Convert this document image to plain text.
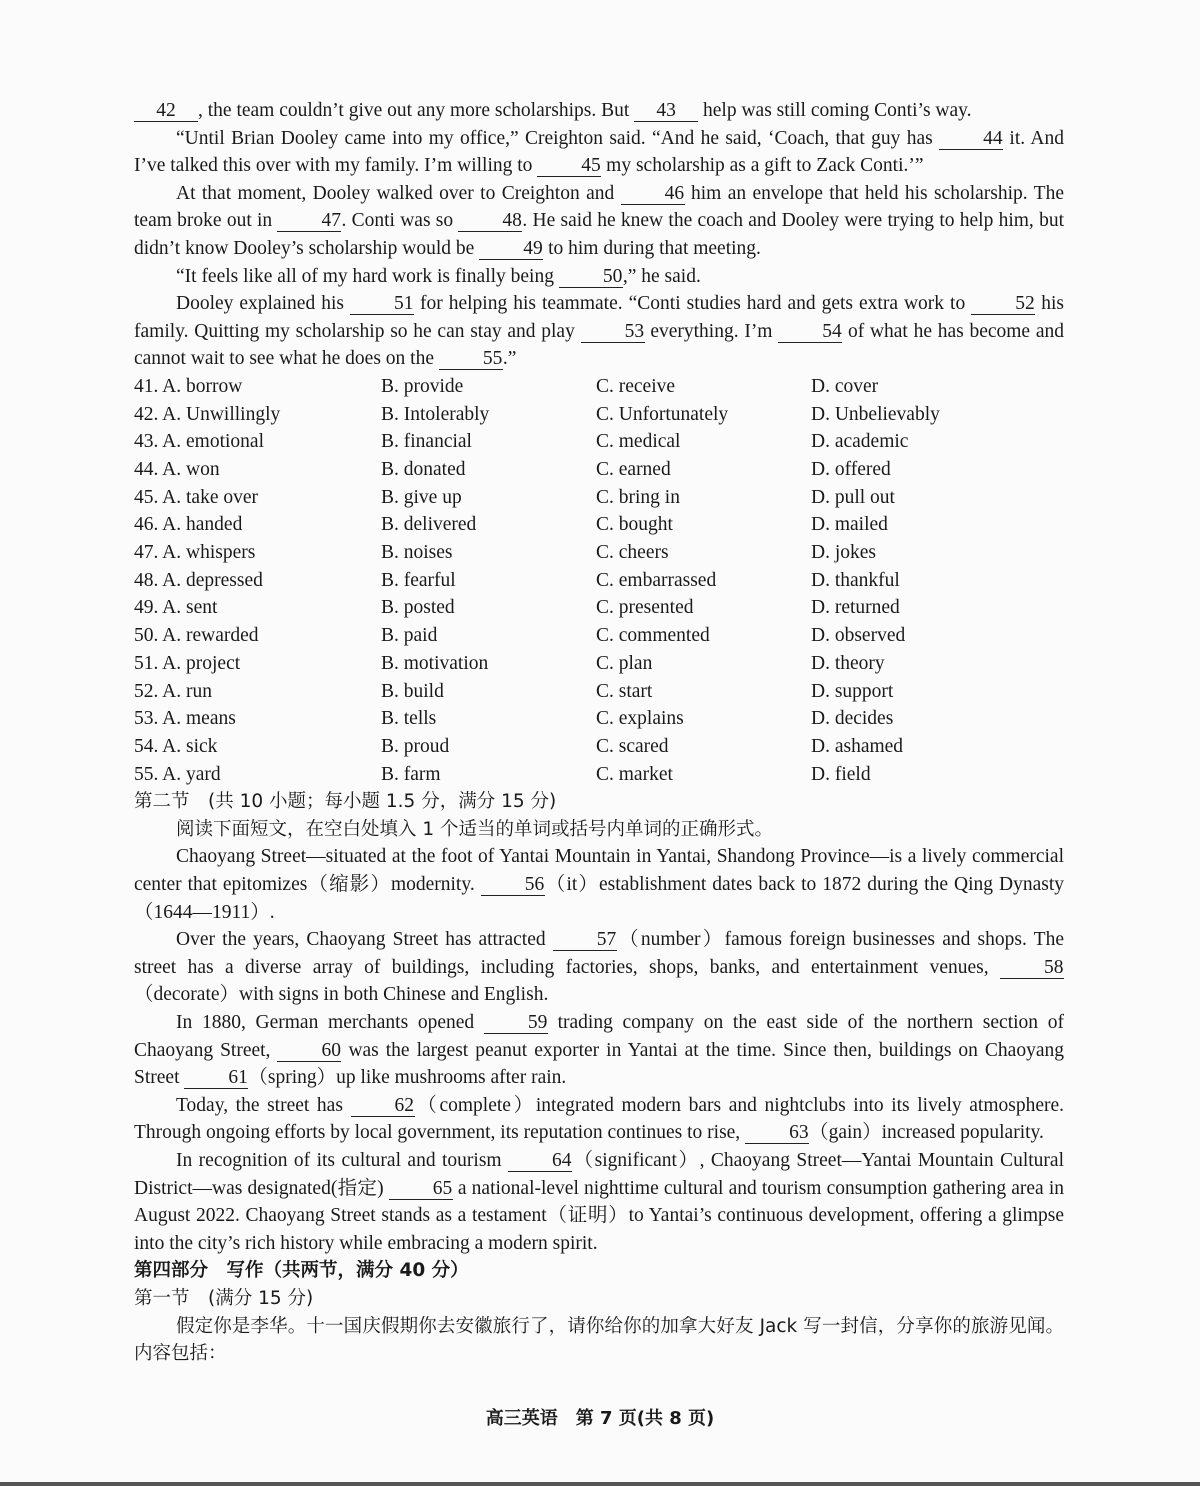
42 , the team couldn’t give out any more scholarships. But 43 help was still coming Conti’s way.

“Until Brian Dooley came into my office,” Creighton said. “And he said, ‘Coach, that guy has 44 it. And I’ve talked this over with my family. I’m willing to 45 my scholarship as a gift to Zack Conti.’”

At that moment, Dooley walked over to Creighton and 46 him an envelope that held his scholarship. The team broke out in 47. Conti was so 48. He said he knew the coach and Dooley were trying to help him, but didn’t know Dooley’s scholarship would be 49 to him during that meeting.

“It feels like all of my hard work is finally being 50,” he said.

Dooley explained his 51 for helping his teammate. “Conti studies hard and gets extra work to 52 his family. Quitting my scholarship so he can stay and play 53 everything. I’m 54 of what he has become and cannot wait to see what he does on the 55.”

41. A. borrow	B. provide	C. receive	D. cover
42. A. Unwillingly	B. Intolerably	C. Unfortunately	D. Unbelievably
43. A. emotional	B. financial	C. medical	D. academic
44. A. won	B. donated	C. earned	D. offered
45. A. take over	B. give up	C. bring in	D. pull out
46. A. handed	B. delivered	C. bought	D. mailed
47. A. whispers	B. noises	C. cheers	D. jokes
48. A. depressed	B. fearful	C. embarrassed	D. thankful
49. A. sent	B. posted	C. presented	D. returned
50. A. rewarded	B. paid	C. commented	D. observed
51. A. project	B. motivation	C. plan	D. theory
52. A. run	B. build	C. start	D. support
53. A. means	B. tells	C. explains	D. decides
54. A. sick	B. proud	C. scared	D. ashamed
55. A. yard	B. farm	C. market	D. field

第二节　(共 10 小题；每小题 1.5 分，满分 15 分)

阅读下面短文，在空白处填入 1 个适当的单词或括号内单词的正确形式。

Chaoyang Street—situated at the foot of Yantai Mountain in Yantai, Shandong Province—is a lively commercial center that epitomizes（缩影）modernity. 56（it）establishment dates back to 1872 during the Qing Dynasty（1644—1911）.

Over the years, Chaoyang Street has attracted 57（number）famous foreign businesses and shops. The street has a diverse array of buildings, including factories, shops, banks, and entertainment venues, 58（decorate）with signs in both Chinese and English.

In 1880, German merchants opened 59 trading company on the east side of the northern section of Chaoyang Street, 60 was the largest peanut exporter in Yantai at the time. Since then, buildings on Chaoyang Street 61（spring）up like mushrooms after rain.

Today, the street has 62（complete）integrated modern bars and nightclubs into its lively atmosphere. Through ongoing efforts by local government, its reputation continues to rise, 63（gain）increased popularity.

In recognition of its cultural and tourism 64（significant）, Chaoyang Street—Yantai Mountain Cultural District—was designated(指定) 65 a national-level nighttime cultural and tourism consumption gathering area in August 2022. Chaoyang Street stands as a testament（证明）to Yantai’s continuous development, offering a glimpse into the city’s rich history while embracing a modern spirit.

第四部分　写作（共两节，满分 40 分）

第一节　(满分 15 分)

假定你是李华。十一国庆假期你去安徽旅行了，请你给你的加拿大好友 Jack 写一封信，分享你的旅游见闻。内容包括：

高三英语　第 7 页(共 8 页)
